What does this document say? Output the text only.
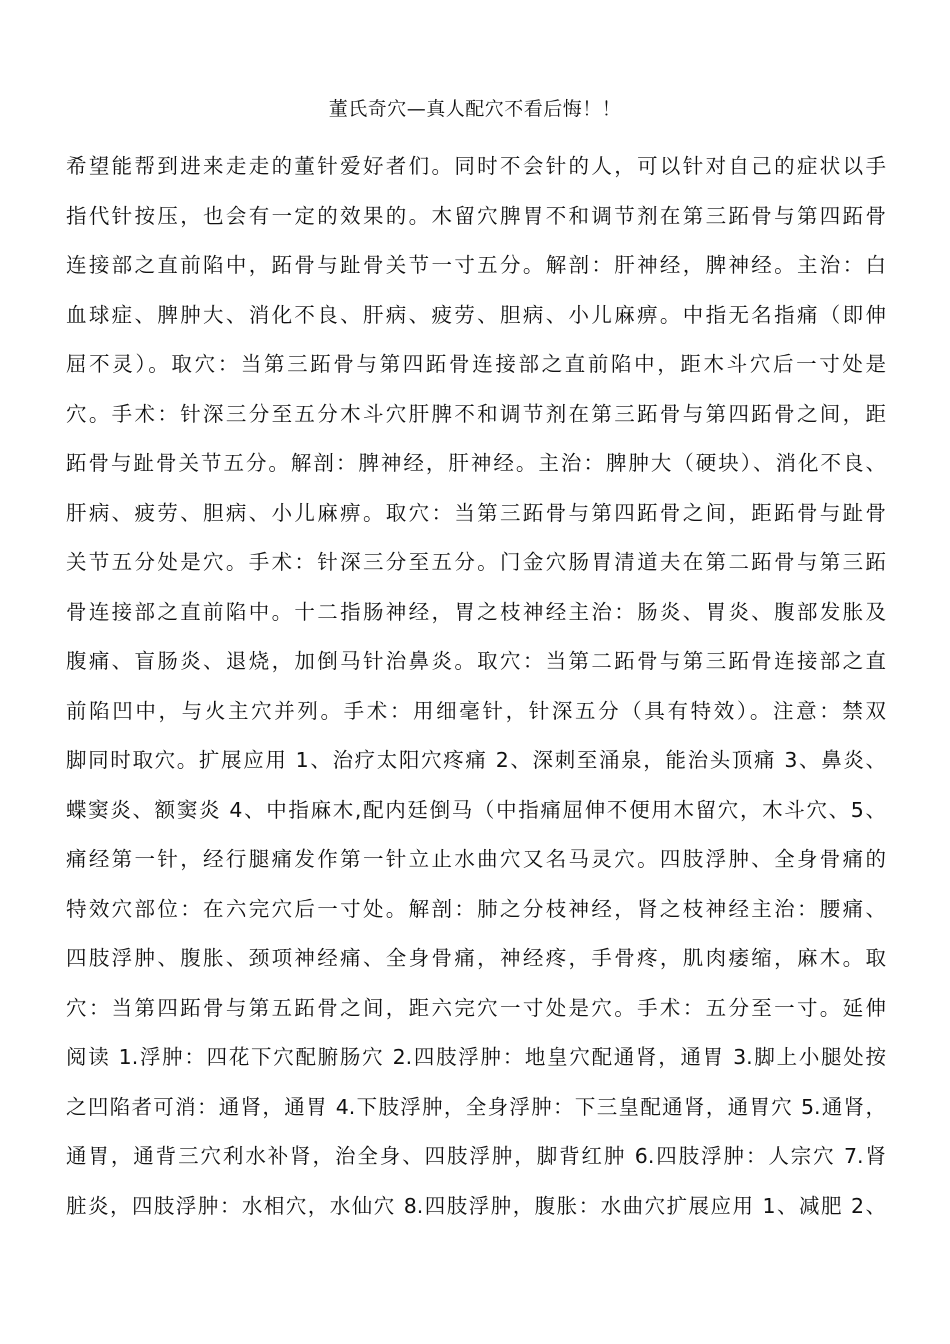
董氏奇穴—真人配穴不看后悔！！
希望能帮到进来走走的董针爱好者们。同时不会针的人，可以针对自己的症状以手
指代针按压，也会有一定的效果的。木留穴脾胃不和调节剂在第三跖骨与第四跖骨
连接部之直前陷中，跖骨与趾骨关节一寸五分。解剖：肝神经，脾神经。主治：白
血球症、脾肿大、消化不良、肝病、疲劳、胆病、小儿麻痹。中指无名指痛（即伸
屈不灵）。取穴：当第三跖骨与第四跖骨连接部之直前陷中，距木斗穴后一寸处是
穴。手术：针深三分至五分木斗穴肝脾不和调节剂在第三跖骨与第四跖骨之间，距
跖骨与趾骨关节五分。解剖：脾神经，肝神经。主治：脾肿大（硬块）、消化不良、
肝病、疲劳、胆病、小儿麻痹。取穴：当第三跖骨与第四跖骨之间，距跖骨与趾骨
关节五分处是穴。手术：针深三分至五分。门金穴肠胃清道夫在第二跖骨与第三跖
骨连接部之直前陷中。十二指肠神经，胃之枝神经主治：肠炎、胃炎、腹部发胀及
腹痛、盲肠炎、退烧，加倒马针治鼻炎。取穴：当第二跖骨与第三跖骨连接部之直
前陷凹中，与火主穴并列。手术：用细毫针，针深五分（具有特效）。注意：禁双
脚同时取穴。扩展应用 1、治疗太阳穴疼痛 2、深刺至涌泉，能治头顶痛 3、鼻炎、
蝶窦炎、额窦炎 4、中指麻木,配内廷倒马（中指痛屈伸不便用木留穴，木斗穴、5、
痛经第一针，经行腿痛发作第一针立止水曲穴又名马灵穴。四肢浮肿、全身骨痛的
特效穴部位：在六完穴后一寸处。解剖：肺之分枝神经，肾之枝神经主治：腰痛、
四肢浮肿、腹胀、颈项神经痛、全身骨痛，神经疼，手骨疼，肌肉痿缩，麻木。取
穴：当第四跖骨与第五跖骨之间，距六完穴一寸处是穴。手术：五分至一寸。延伸
阅读 1.浮肿：四花下穴配腑肠穴 2.四肢浮肿：地皇穴配通肾，通胃 3.脚上小腿处按
之凹陷者可消：通肾，通胃 4.下肢浮肿，全身浮肿：下三皇配通肾，通胃穴 5.通肾，
通胃，通背三穴利水补肾，治全身、四肢浮肿，脚背红肿 6.四肢浮肿：人宗穴 7.肾
脏炎，四肢浮肿：水相穴，水仙穴 8.四肢浮肿，腹胀：水曲穴扩展应用 1、减肥 2、
